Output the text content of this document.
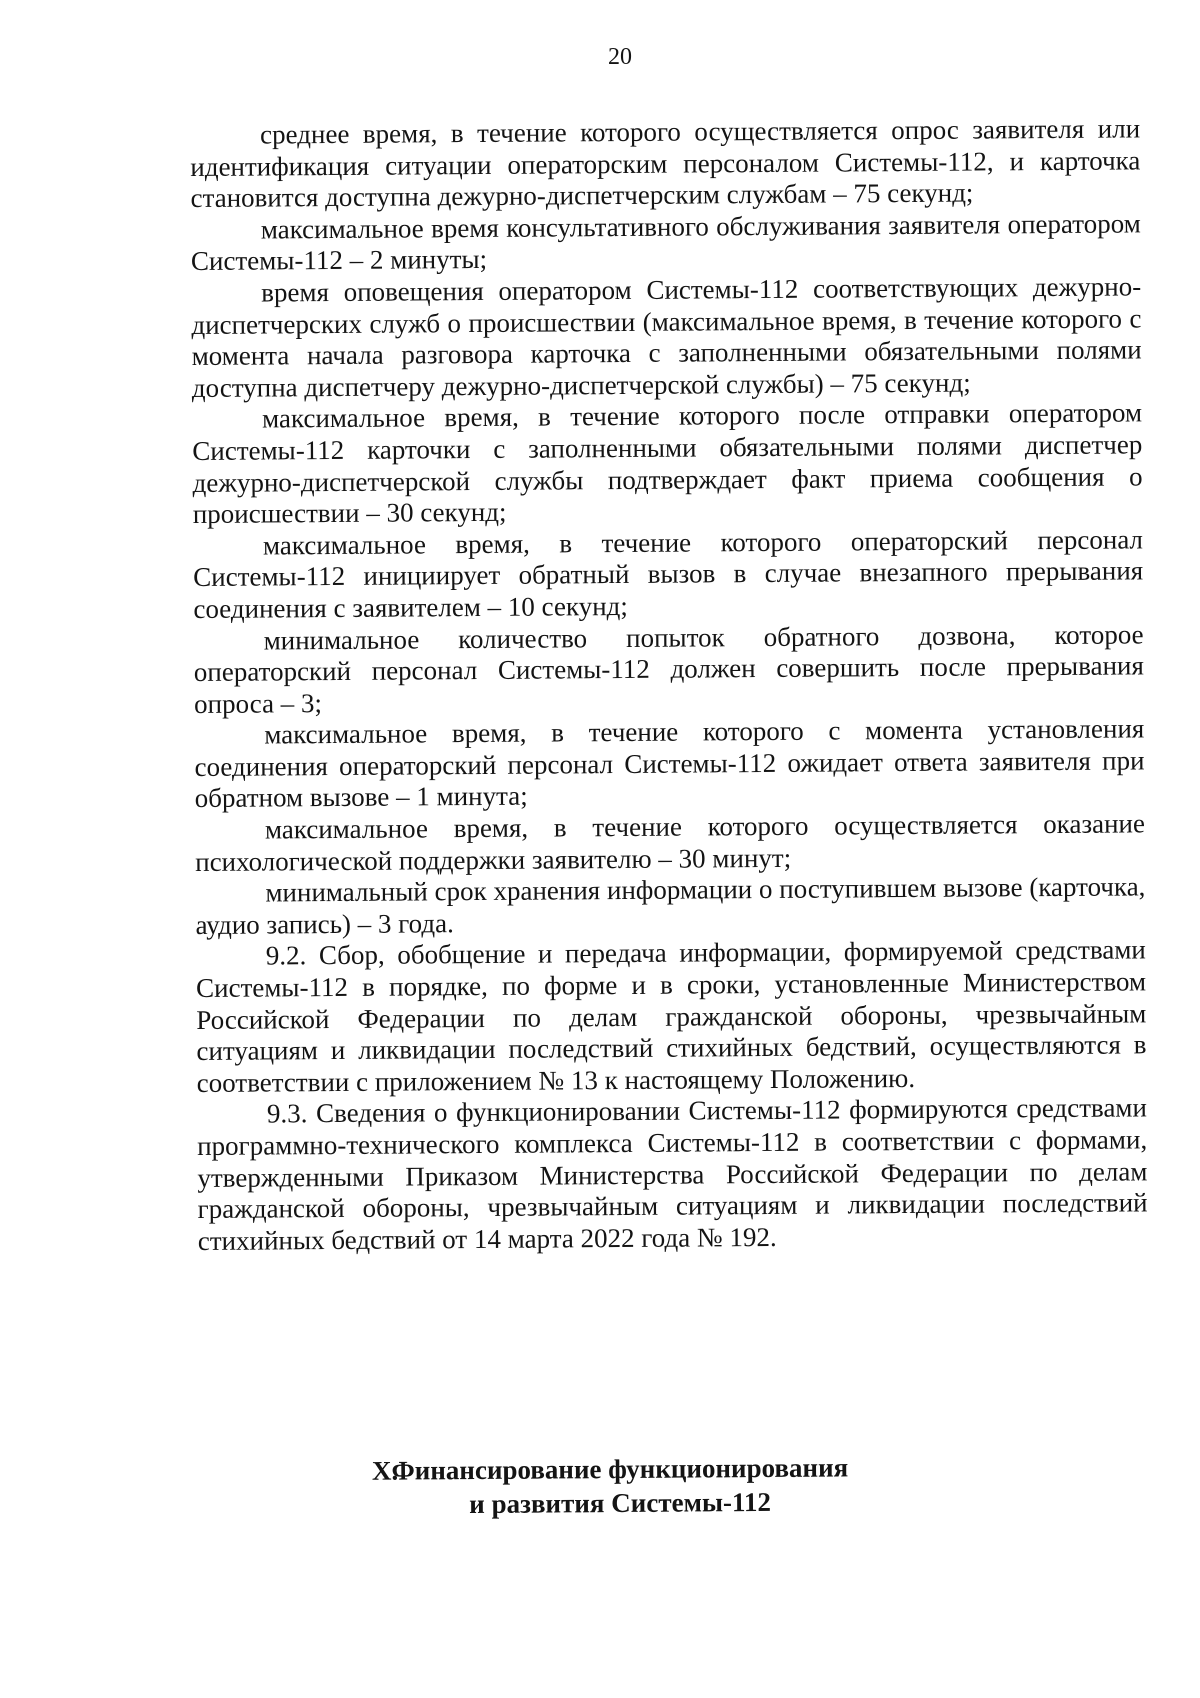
20

среднее время, в течение которого осуществляется опрос заявителя или идентификация ситуации операторским персоналом Системы-112, и карточка становится доступна дежурно-диспетчерским службам – 75 секунд;

максимальное время консультативного обслуживания заявителя оператором Системы-112 – 2 минуты;

время оповещения оператором Системы-112 соответствующих дежурно-диспетчерских служб о происшествии (максимальное время, в течение которого с момента начала разговора карточка с заполненными обязательными полями доступна диспетчеру дежурно-диспетчерской службы) – 75 секунд;

максимальное время, в течение которого после отправки оператором Системы-112 карточки с заполненными обязательными полями диспетчер дежурно-диспетчерской службы подтверждает факт приема сообщения о происшествии – 30 секунд;

максимальное время, в течение которого операторский персонал Системы-112 инициирует обратный вызов в случае внезапного прерывания соединения с заявителем – 10 секунд;

минимальное количество попыток обратного дозвона, которое операторский персонал Системы-112 должен совершить после прерывания опроса – 3;

максимальное время, в течение которого с момента установления соединения операторский персонал Системы-112 ожидает ответа заявителя при обратном вызове – 1 минута;

максимальное время, в течение которого осуществляется оказание психологической поддержки заявителю – 30 минут;

минимальный срок хранения информации о поступившем вызове (карточка, аудио запись) – 3 года.

9.2. Сбор, обобщение и передача информации, формируемой средствами Системы-112 в порядке, по форме и в сроки, установленные Министерством Российской Федерации по делам гражданской обороны, чрезвычайным ситуациям и ликвидации последствий стихийных бедствий, осуществляются в соответствии с приложением № 13 к настоящему Положению.

9.3. Сведения о функционировании Системы-112 формируются средствами программно-технического комплекса Системы-112 в соответствии с формами, утвержденными Приказом Министерства Российской Федерации по делам гражданской обороны, чрезвычайным ситуациям и ликвидации последствий стихийных бедствий от 14 марта 2022 года № 192.

X.
Финансирование функционирования
и развития Системы-112
